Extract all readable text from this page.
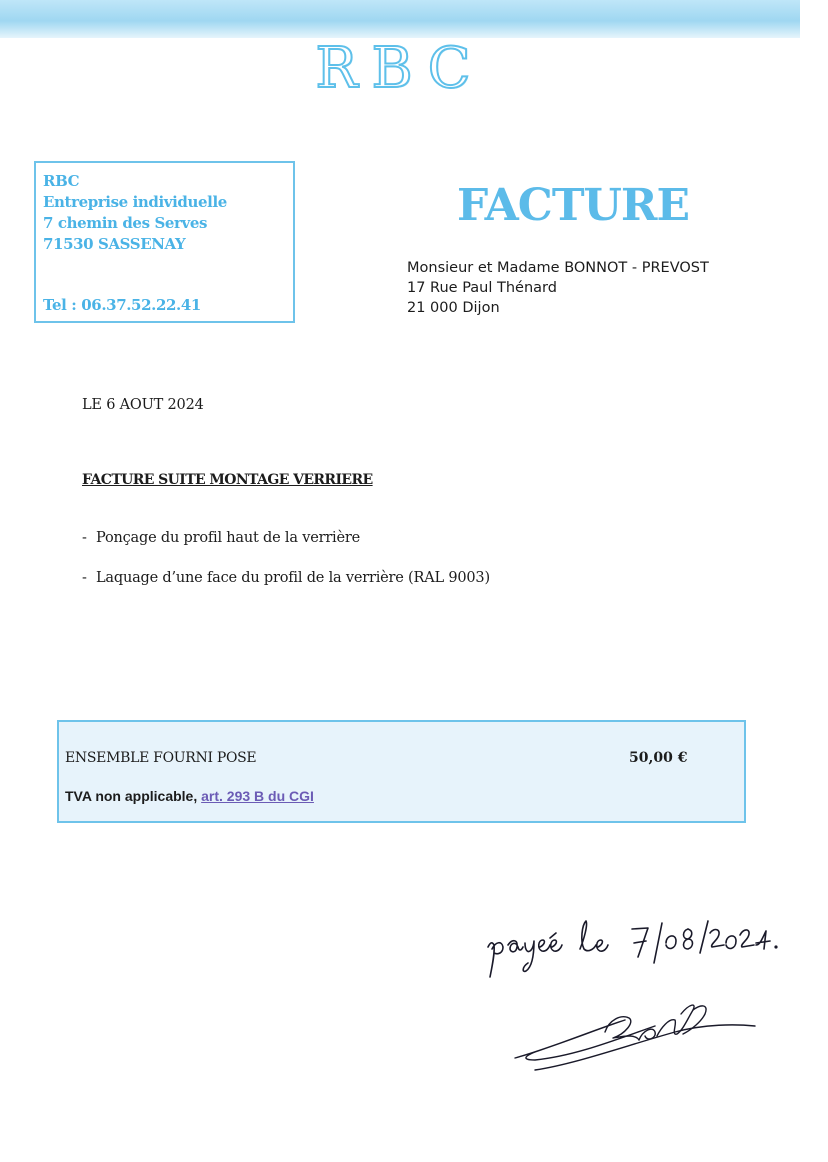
RBC
RBC
Entreprise individuelle
7 chemin des Serves
71530 SASSENAY
Tel : 06.37.52.22.41
FACTURE
Monsieur et Madame BONNOT - PREVOST
17 Rue Paul Thénard
21 000 Dijon
LE 6 AOUT 2024
FACTURE SUITE MONTAGE VERRIERE
- Ponçage du profil haut de la verrière
- Laquage d’une face du profil de la verrière (RAL 9003)
ENSEMBLE FOURNI POSE	50,00 €
TVA non applicable, art. 293 B du CGI
